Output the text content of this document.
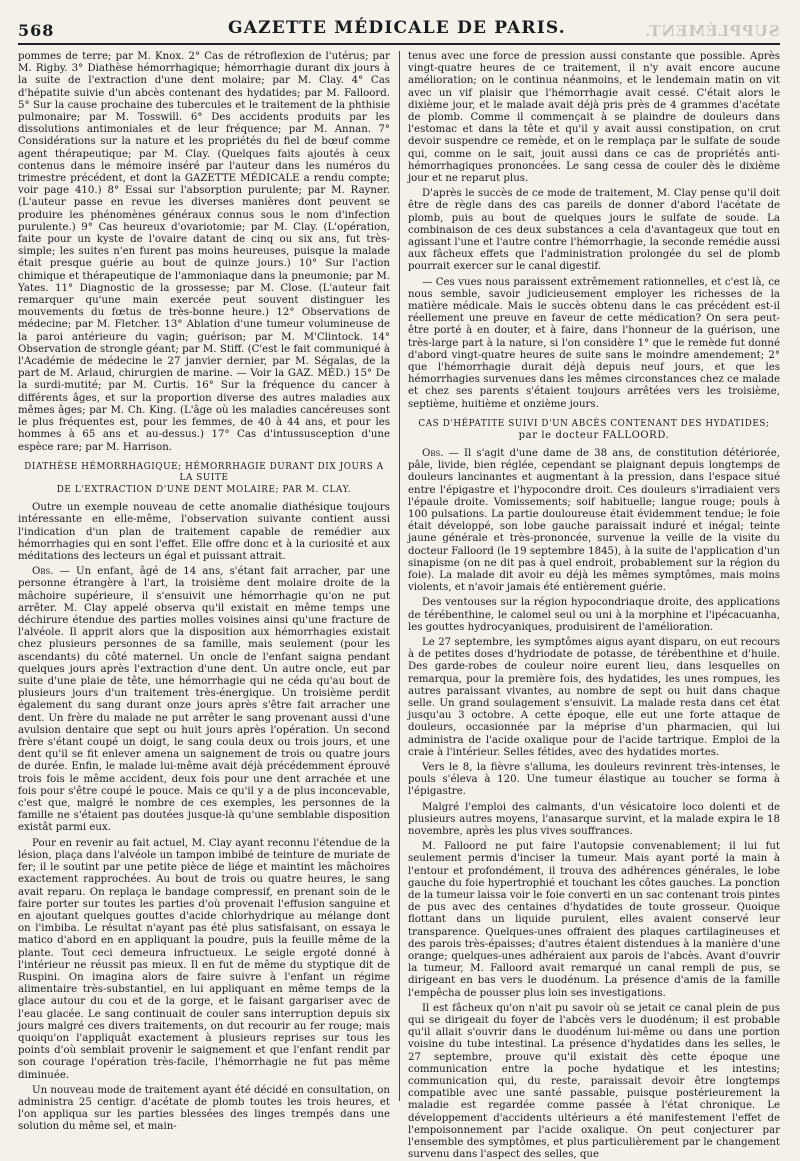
568	GAZETTE MÉDICALE DE PARIS.	SUPPLÉMENT.

pommes de terre; par M. Knox. 2° Cas de rétroflexion de l'utérus; par M. Rigby. 3° Diathèse hémorrhagique; hémorrhagie durant dix jours à la suite de l'extraction d'une dent molaire; par M. Clay. 4° Cas d'hépatite suivie d'un abcès contenant des hydatides; par M. Falloord. 5° Sur la cause prochaine des tubercules et le traitement de la phthisie pulmonaire; par M. Tosswill. 6° Des accidents produits par les dissolutions antimoniales et de leur fréquence; par M. Annan. 7° Considérations sur la nature et les propriétés du fiel de bœuf comme agent thérapeutique; par M. Clay. (Quelques faits ajoutés à ceux contenus dans le mémoire inséré par l'auteur dans les numéros du trimestre précédent, et dont la GAZETTE MÉDICALE a rendu compte; voir page 410.) 8° Essai sur l'absorption purulente; par M. Rayner. (L'auteur passe en revue les diverses manières dont peuvent se produire les phénomènes généraux connus sous le nom d'infection purulente.) 9° Cas heureux d'ovariotomie; par M. Clay. (L'opération, faite pour un kyste de l'ovaire datant de cinq ou six ans, fut très-simple; les suites n'en furent pas moins heureuses, puisque la malade était presque guérie au bout de quinze jours.) 10° Sur l'action chimique et thérapeutique de l'ammoniaque dans la pneumonie; par M. Yates. 11° Diagnostic de la grossesse; par M. Close. (L'auteur fait remarquer qu'une main exercée peut souvent distinguer les mouvements du fœtus de très-bonne heure.) 12° Observations de médecine; par M. Fletcher. 13° Ablation d'une tumeur volumineuse de la paroi antérieure du vagin; guérison; par M. M'Clintock. 14° Observation de strongle géant; par M. Stiff. (C'est le fait communiqué à l'Académie de médecine le 27 janvier dernier, par M. Ségalas, de la part de M. Arlaud, chirurgien de marine. — Voir la GAZ. MÉD.) 15° De la surdi-mutité; par M. Curtis. 16° Sur la fréquence du cancer à différents âges, et sur la proportion diverse des autres maladies aux mêmes âges; par M. Ch. King. (L'âge où les maladies cancéreuses sont le plus fréquentes est, pour les femmes, de 40 à 44 ans, et pour les hommes à 65 ans et au-dessus.) 17° Cas d'intussusception d'une espèce rare; par M. Harrison.

DIATHÈSE HÉMORRHAGIQUE; HÉMORRHAGIE DURANT DIX JOURS A LA SUITE
DE L'EXTRACTION D'UNE DENT MOLAIRE; PAR M. CLAY.

Outre un exemple nouveau de cette anomalie diathésique toujours intéressante en elle-même, l'observation suivante contient aussi l'indication d'un plan de traitement capable de remédier aux hémorrhagies qui en sont l'effet. Elle offre donc et à la curiosité et aux méditations des lecteurs un égal et puissant attrait.

Obs. — Un enfant, âgé de 14 ans, s'étant fait arracher, par une personne étrangère à l'art, la troisième dent molaire droite de la mâchoire supérieure, il s'ensuivit une hémorrhagie qu'on ne put arrêter. M. Clay appelé observa qu'il existait en même temps une déchirure étendue des parties molles voisines ainsi qu'une fracture de l'alvéole. Il apprit alors que la disposition aux hémorrhagies existait chez plusieurs personnes de sa famille, mais seulement (pour les ascendants) du côté maternel. Un oncle de l'enfant saigna pendant quelques jours après l'extraction d'une dent. Un autre oncle, eut par suite d'une plaie de tête, une hémorrhagie qui ne céda qu'au bout de plusieurs jours d'un traitement très-énergique. Un troisième perdit également du sang durant onze jours après s'être fait arracher une dent. Un frère du malade ne put arrêter le sang provenant aussi d'une avulsion dentaire que sept ou huit jours après l'opération. Un second frère s'étant coupé un doigt, le sang coula deux ou trois jours, et une dent qu'il se fit enlever amena un saignement de trois ou quatre jours de durée. Enfin, le malade lui-même avait déjà précédemment éprouvé trois fois le même accident, deux fois pour une dent arrachée et une fois pour s'être coupé le pouce. Mais ce qu'il y a de plus inconcevable, c'est que, malgré le nombre de ces exemples, les personnes de la famille ne s'étaient pas doutées jusque-là qu'une semblable disposition existât parmi eux.

Pour en revenir au fait actuel, M. Clay ayant reconnu l'étendue de la lésion, plaça dans l'alvéole un tampon imbibé de teinture de muriate de fer; il le soutint par une petite pièce de liége et maintint les mâchoires exactement rapprochées. Au bout de trois ou quatre heures, le sang avait reparu. On replaça le bandage compressif, en prenant soin de le faire porter sur toutes les parties d'où provenait l'effusion sanguine et en ajoutant quelques gouttes d'acide chlorhydrique au mélange dont on l'imbiba. Le résultat n'ayant pas été plus satisfaisant, on essaya le matico d'abord en en appliquant la poudre, puis la feuille même de la plante. Tout ceci demeura infructueux. Le seigle ergoté donné à l'intérieur ne réussit pas mieux. Il en fut de même du styptique dit de Ruspini. On imagina alors de faire suivre à l'enfant un régime alimentaire très-substantiel, en lui appliquant en même temps de la glace autour du cou et de la gorge, et le faisant gargariser avec de l'eau glacée. Le sang continuait de couler sans interruption depuis six jours malgré ces divers traitements, on dut recourir au fer rouge; mais quoiqu'on l'appliquât exactement à plusieurs reprises sur tous les points d'où semblait provenir le saignement et que l'enfant rendit par son courage l'opération très-facile, l'hémorrhagie ne fut pas même diminuée.

Un nouveau mode de traitement ayant été décidé en consultation, on administra 25 centigr. d'acétate de plomb toutes les trois heures, et l'on appliqua sur les parties blessées des linges trempés dans une solution du même sel, et main-

tenus avec une force de pression aussi constante que possible. Après vingt-quatre heures de ce traitement, il n'y avait encore aucune amélioration; on le continua néanmoins, et le lendemain matin on vit avec un vif plaisir que l'hémorrhagie avait cessé. C'était alors le dixième jour, et le malade avait déjà pris près de 4 grammes d'acétate de plomb. Comme il commençait à se plaindre de douleurs dans l'estomac et dans la tête et qu'il y avait aussi constipation, on crut devoir suspendre ce remède, et on le remplaça par le sulfate de soude qui, comme on le sait, jouit aussi dans ce cas de propriétés anti-hémorrhagiques prononcées. Le sang cessa de couler dès le dixième jour et ne reparut plus.

D'après le succès de ce mode de traitement, M. Clay pense qu'il doit être de règle dans des cas pareils de donner d'abord l'acétate de plomb, puis au bout de quelques jours le sulfate de soude. La combinaison de ces deux substances a cela d'avantageux que tout en agissant l'une et l'autre contre l'hémorrhagie, la seconde remédie aussi aux fâcheux effets que l'administration prolongée du sel de plomb pourrait exercer sur le canal digestif.

— Ces vues nous paraissent extrêmement rationnelles, et c'est là, ce nous semble, savoir judicieusement employer les richesses de la matière médicale. Mais le succès obtenu dans le cas précédent est-il réellement une preuve en faveur de cette médication? On sera peut-être porté à en douter, et à faire, dans l'honneur de la guérison, une très-large part à la nature, si l'on considère 1° que le remède fut donné d'abord vingt-quatre heures de suite sans le moindre amendement; 2° que l'hémorrhagie durait déjà depuis neuf jours, et que les hémorrhagies survenues dans les mêmes circonstances chez ce malade et chez ses parents s'étaient toujours arrêtées vers les troisième, septième, huitième et onzième jours.

CAS D'HÉPATITE SUIVI D'UN ABCÈS CONTENANT DES HYDATIDES;
par le docteur FALLOORD.

Obs. — Il s'agit d'une dame de 38 ans, de constitution détériorée, pâle, livide, bien réglée, cependant se plaignant depuis longtemps de douleurs lancinantes et augmentant à la pression, dans l'espace situé entre l'épigastre et l'hypocondre droit. Ces douleurs s'irradiaient vers l'épaule droite. Vomissements; soif habituelle; langue rouge; pouls à 100 pulsations. La partie douloureuse était évidemment tendue; le foie était développé, son lobe gauche paraissait induré et inégal; teinte jaune générale et très-prononcée, survenue la veille de la visite du docteur Falloord (le 19 septembre 1845), à la suite de l'application d'un sinapisme (on ne dit pas à quel endroit, probablement sur la région du foie). La malade dit avoir eu déjà les mêmes symptômes, mais moins violents, et n'avoir jamais été entièrement guérie.

Des ventouses sur la région hypocondriaque droite, des applications de térébenthine, le calomel seul ou uni à la morphine et l'ipécacuanha, les gouttes hydrocyaniques, produisirent de l'amélioration.

Le 27 septembre, les symptômes aigus ayant disparu, on eut recours à de petites doses d'hydriodate de potasse, de térébenthine et d'huile. Des garde-robes de couleur noire eurent lieu, dans lesquelles on remarqua, pour la première fois, des hydatides, les unes rompues, les autres paraissant vivantes, au nombre de sept ou huit dans chaque selle. Un grand soulagement s'ensuivit. La malade resta dans cet état jusqu'au 3 octobre. A cette époque, elle eut une forte attaque de douleurs, occasionnée par la méprise d'un pharmacien, qui lui administra de l'acide oxalique pour de l'acide tartrique. Emploi de la craie à l'intérieur. Selles fétides, avec des hydatides mortes.

Vers le 8, la fièvre s'alluma, les douleurs revinrent très-intenses, le pouls s'éleva à 120. Une tumeur élastique au toucher se forma à l'épigastre.

Malgré l'emploi des calmants, d'un vésicatoire loco dolenti et de plusieurs autres moyens, l'anasarque survint, et la malade expira le 18 novembre, après les plus vives souffrances.

M. Falloord ne put faire l'autopsie convenablement; il lui fut seulement permis d'inciser la tumeur. Mais ayant porté la main à l'entour et profondément, il trouva des adhérences générales, le lobe gauche du foie hypertrophié et touchant les côtes gauches. La ponction de la tumeur laissa voir le foie converti en un sac contenant trois pintes de pus avec des centaines d'hydatides de toute grosseur. Quoique flottant dans un liquide purulent, elles avaient conservé leur transparence. Quelques-unes offraient des plaques cartilagineuses et des parois très-épaisses; d'autres étaient distendues à la manière d'une orange; quelques-unes adhéraient aux parois de l'abcès. Avant d'ouvrir la tumeur, M. Falloord avait remarqué un canal rempli de pus, se dirigeant en bas vers le duodénum. La présence d'amis de la famille l'empêcha de pousser plus loin ses investigations.

Il est fâcheux qu'on n'ait pu savoir où se jetait ce canal plein de pus qui se dirigeait du foyer de l'abcès vers le duodénum; il est probable qu'il allait s'ouvrir dans le duodénum lui-même ou dans une portion voisine du tube intestinal. La présence d'hydatides dans les selles, le 27 septembre, prouve qu'il existait dès cette époque une communication entre la poche hydatique et les intestins; communication qui, du reste, paraissait devoir être longtemps compatible avec une santé passable, puisque postérieurement la maladie est regardée comme passée à l'état chronique. Le développement d'accidents ultérieurs a été manifestement l'effet de l'empoisonnement par l'acide oxalique. On peut conjecturer par l'ensemble des symptômes, et plus particulièrement par le changement survenu dans l'aspect des selles, que
